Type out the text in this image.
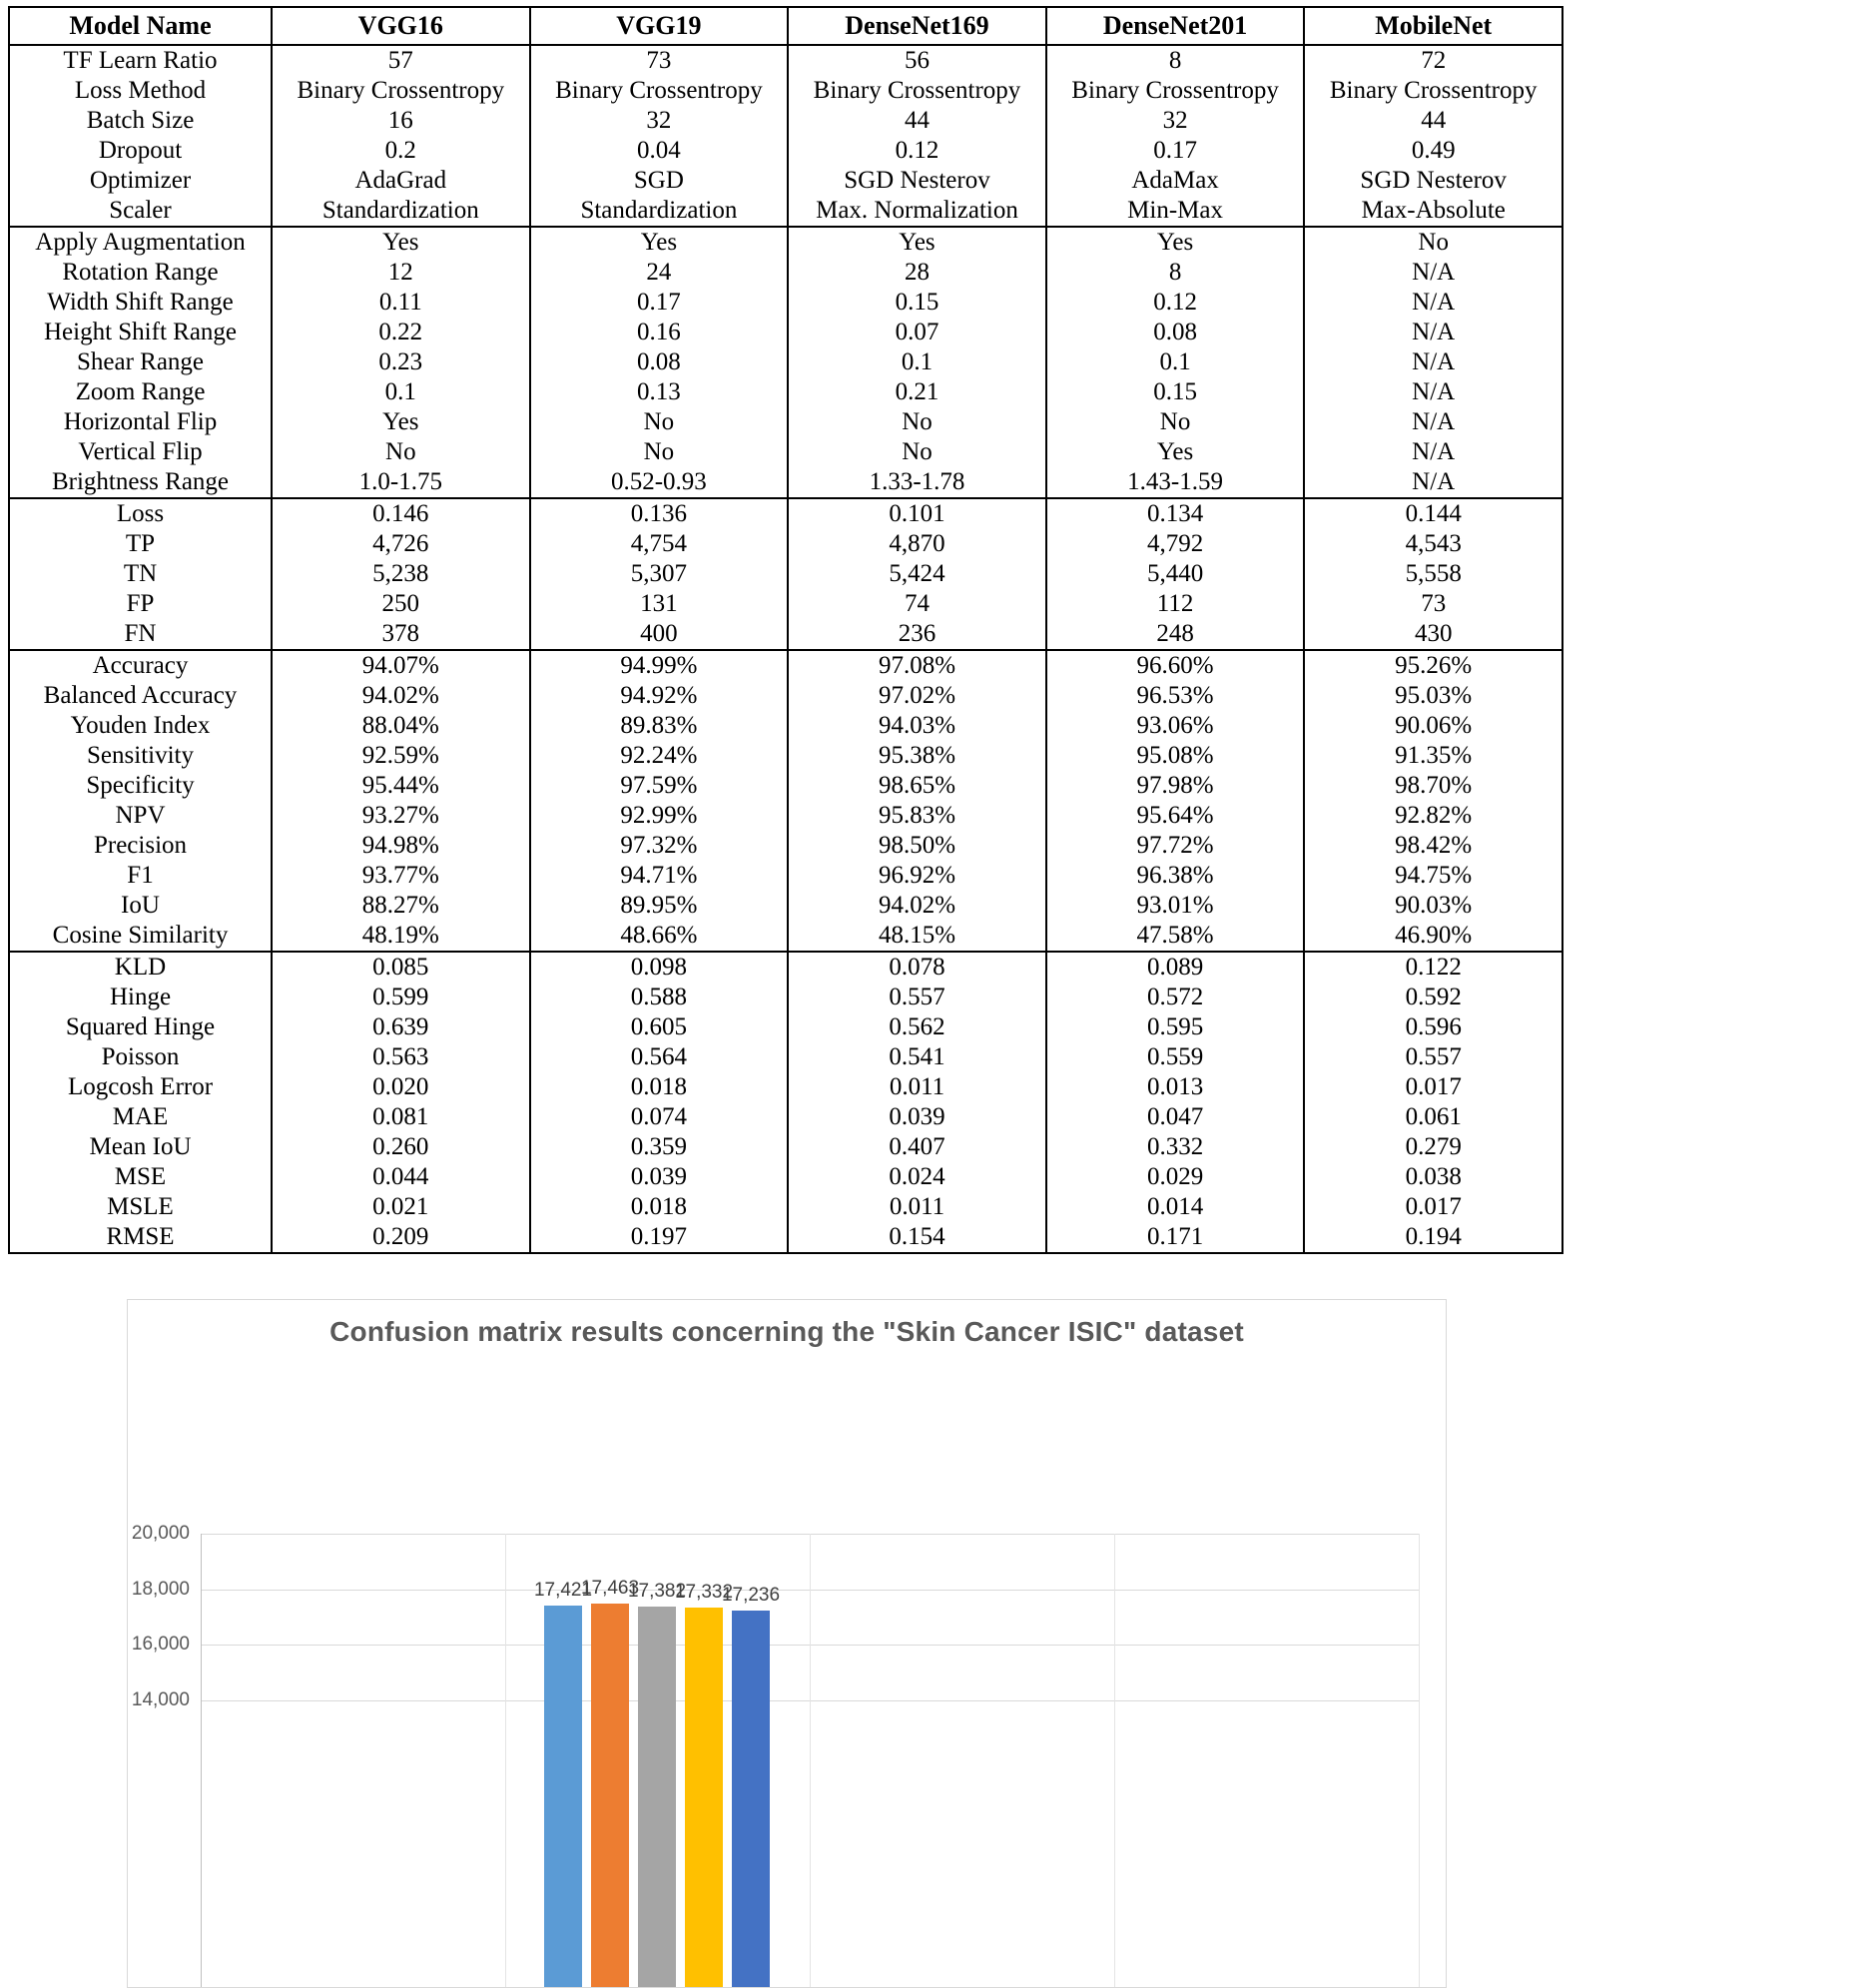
Model Name	VGG16	VGG19	DenseNet169	DenseNet201	MobileNet
TF Learn Ratio	57	73	56	8	72
Loss Method	Binary Crossentropy	Binary Crossentropy	Binary Crossentropy	Binary Crossentropy	Binary Crossentropy
Batch Size	16	32	44	32	44
Dropout	0.2	0.04	0.12	0.17	0.49
Optimizer	AdaGrad	SGD	SGD Nesterov	AdaMax	SGD Nesterov
Scaler	Standardization	Standardization	Max. Normalization	Min-Max	Max-Absolute
Apply Augmentation	Yes	Yes	Yes	Yes	No
Rotation Range	12	24	28	8	N/A
Width Shift Range	0.11	0.17	0.15	0.12	N/A
Height Shift Range	0.22	0.16	0.07	0.08	N/A
Shear Range	0.23	0.08	0.1	0.1	N/A
Zoom Range	0.1	0.13	0.21	0.15	N/A
Horizontal Flip	Yes	No	No	No	N/A
Vertical Flip	No	No	No	Yes	N/A
Brightness Range	1.0-1.75	0.52-0.93	1.33-1.78	1.43-1.59	N/A
Loss	0.146	0.136	0.101	0.134	0.144
TP	4,726	4,754	4,870	4,792	4,543
TN	5,238	5,307	5,424	5,440	5,558
FP	250	131	74	112	73
FN	378	400	236	248	430
Accuracy	94.07%	94.99%	97.08%	96.60%	95.26%
Balanced Accuracy	94.02%	94.92%	97.02%	96.53%	95.03%
Youden Index	88.04%	89.83%	94.03%	93.06%	90.06%
Sensitivity	92.59%	92.24%	95.38%	95.08%	91.35%
Specificity	95.44%	97.59%	98.65%	97.98%	98.70%
NPV	93.27%	92.99%	95.83%	95.64%	92.82%
Precision	94.98%	97.32%	98.50%	97.72%	98.42%
F1	93.77%	94.71%	96.92%	96.38%	94.75%
IoU	88.27%	89.95%	94.02%	93.01%	90.03%
Cosine Similarity	48.19%	48.66%	48.15%	47.58%	46.90%
KLD	0.085	0.098	0.078	0.089	0.122
Hinge	0.599	0.588	0.557	0.572	0.592
Squared Hinge	0.639	0.605	0.562	0.595	0.596
Poisson	0.563	0.564	0.541	0.559	0.557
Logcosh Error	0.020	0.018	0.011	0.013	0.017
MAE	0.081	0.074	0.039	0.047	0.061
Mean IoU	0.260	0.359	0.407	0.332	0.279
MSE	0.044	0.039	0.024	0.029	0.038
MSLE	0.021	0.018	0.011	0.014	0.017
RMSE	0.209	0.197	0.154	0.171	0.194
Confusion matrix results concerning the "Skin Cancer ISIC" dataset
20,000
18,000
16,000
14,000
17,421
17,463
17,382
17,332
17,236
